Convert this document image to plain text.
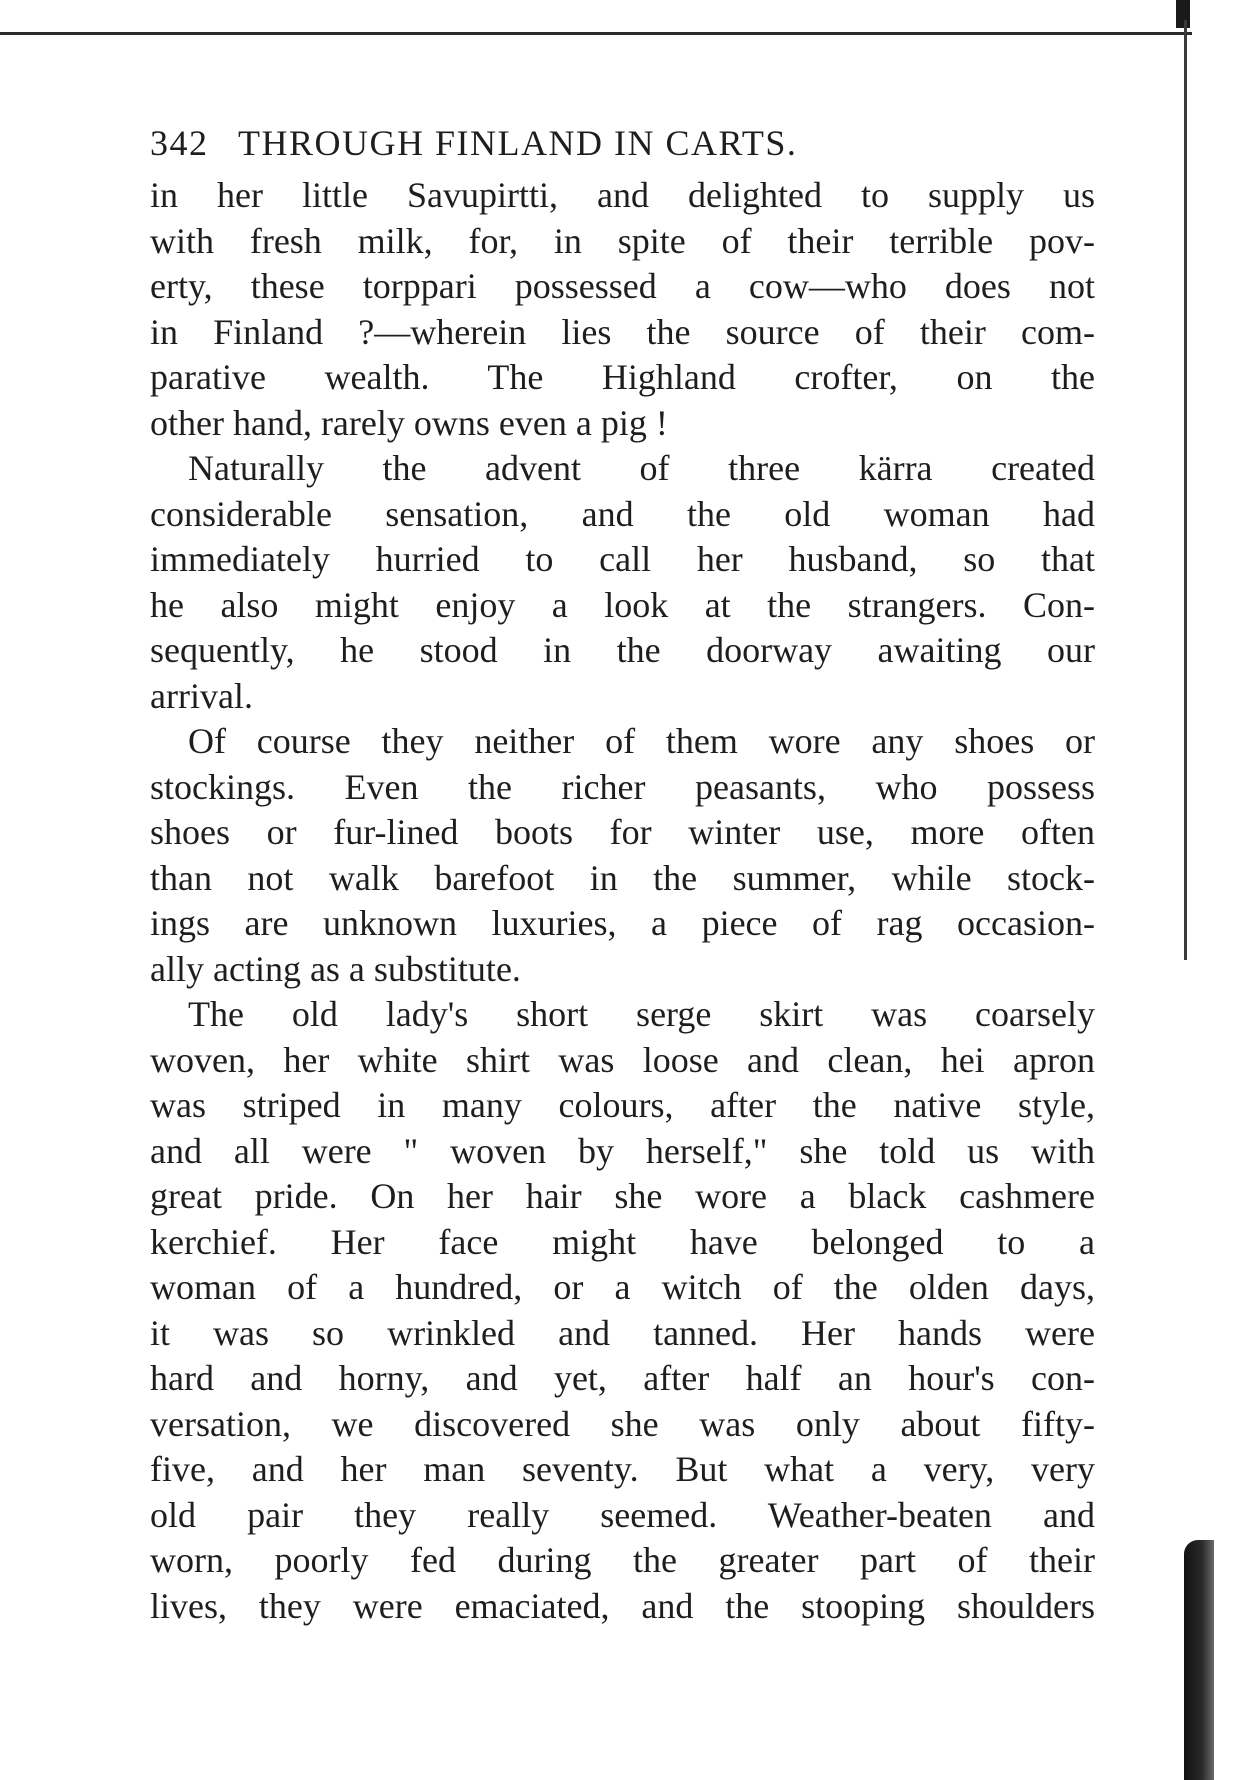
342 THROUGH FINLAND IN CARTS.
in her little Savupirtti, and delighted to supply us
with fresh milk, for, in spite of their terrible pov-
erty, these torppari possessed a cow—who does not
in Finland ?—wherein lies the source of their com-
parative wealth. The Highland crofter, on the
other hand, rarely owns even a pig !
Naturally the advent of three kärra created
considerable sensation, and the old woman had
immediately hurried to call her husband, so that
he also might enjoy a look at the strangers. Con-
sequently, he stood in the doorway awaiting our
arrival.
Of course they neither of them wore any shoes or
stockings. Even the richer peasants, who possess
shoes or fur-lined boots for winter use, more often
than not walk barefoot in the summer, while stock-
ings are unknown luxuries, a piece of rag occasion-
ally acting as a substitute.
The old lady's short serge skirt was coarsely
woven, her white shirt was loose and clean, hei apron
was striped in many colours, after the native style,
and all were " woven by herself," she told us with
great pride. On her hair she wore a black cashmere
kerchief. Her face might have belonged to a
woman of a hundred, or a witch of the olden days,
it was so wrinkled and tanned. Her hands were
hard and horny, and yet, after half an hour's con-
versation, we discovered she was only about fifty-
five, and her man seventy. But what a very, very
old pair they really seemed. Weather-beaten and
worn, poorly fed during the greater part of their
lives, they were emaciated, and the stooping shoulders
